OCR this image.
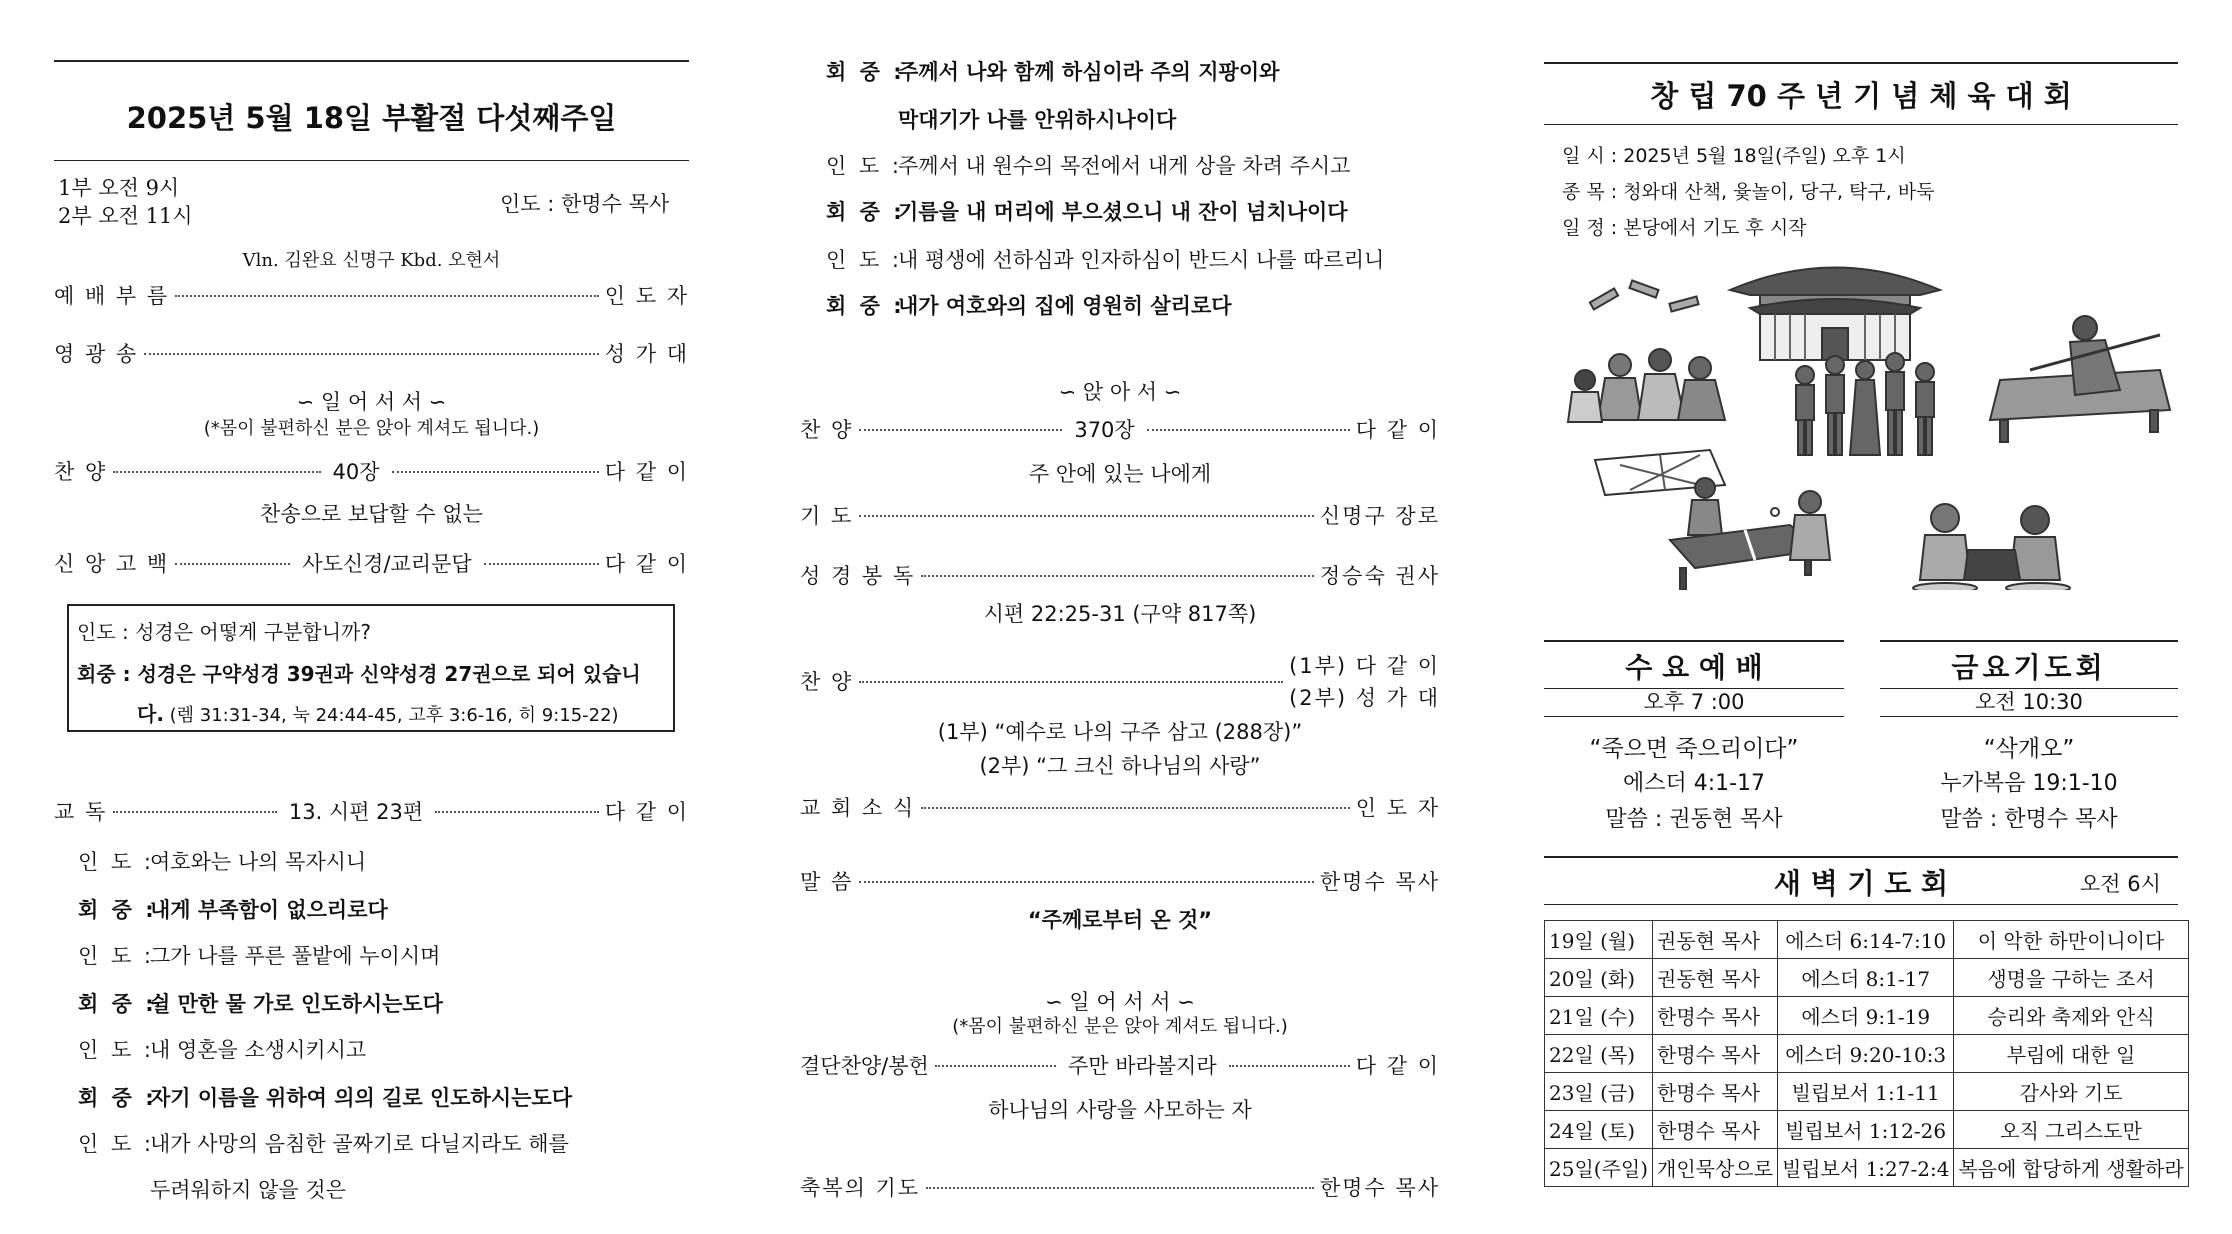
2025년 5월 18일 부활절 다섯째주일
1부 오전 9시
2부 오전 11시	인도 : 한명수 목사
Vln. 김완요 신명구 Kbd. 오현서
예 배 부 름	인 도 자
영 광 송	성 가 대
∽ 일 어 서 서 ∽
(*몸이 불편하신 분은 앉아 계셔도 됩니다.)
찬 양	40장	다 같 이
찬송으로 보답할 수 없는
신 앙 고 백	사도신경/교리문답	다 같 이
인도 : 성경은 어떻게 구분합니까?
회중 : 성경은 구약성경 39권과 신약성경 27권으로 되어 있습니
다. (렘 31:31-34, 눅 24:44-45, 고후 3:6-16, 히 9:15-22)
교 독	13. 시편 23편	다 같 이
인 도 :여호와는 나의 목자시니
회 중 :내게 부족함이 없으리로다
인 도 :그가 나를 푸른 풀밭에 누이시며
회 중 :쉴 만한 물 가로 인도하시는도다
인 도 :내 영혼을 소생시키시고
회 중 :자기 이름을 위하여 의의 길로 인도하시는도다
인 도 :내가 사망의 음침한 골짜기로 다닐지라도 해를
두려워하지 않을 것은
회 중 :주께서 나와 함께 하심이라 주의 지팡이와
막대기가 나를 안위하시나이다
인 도 :주께서 내 원수의 목전에서 내게 상을 차려 주시고
회 중 :기름을 내 머리에 부으셨으니 내 잔이 넘치나이다
인 도 :내 평생에 선하심과 인자하심이 반드시 나를 따르리니
회 중 :내가 여호와의 집에 영원히 살리로다
∽ 앉 아 서 ∽
찬 양	370장	다 같 이
주 안에 있는 나에게
기 도	신명구 장로
성 경 봉 독	정승숙 권사
시편 22:25-31 (구약 817쪽)
찬 양
(1부) 다 같 이
(2부) 성 가 대
(1부) “예수로 나의 구주 삼고 (288장)”
(2부) “그 크신 하나님의 사랑”
교 회 소 식	인 도 자
말 씀	한명수 목사
“주께로부터 온 것”
∽ 일 어 서 서 ∽
(*몸이 불편하신 분은 앉아 계셔도 됩니다.)
결단찬양/봉헌	주만 바라볼지라	다 같 이
하나님의 사랑을 사모하는 자
축복의 기도	한명수 목사
창 립 70 주 년 기 념 체 육 대 회
일 시 : 2025년 5월 18일(주일) 오후 1시
종 목 : 청와대 산책, 윷놀이, 당구, 탁구, 바둑
일 정 : 본당에서 기도 후 시작
수 요 예 배
오후 7 :00
“죽으면 죽으리이다”
에스더 4:1-17
말씀 : 권동현 목사
금요기도회
오전 10:30
“삭개오”
누가복음 19:1-10
말씀 : 한명수 목사
새 벽 기 도 회	오전 6시
19일 (월)	권동현 목사	에스더 6:14-7:10	이 악한 하만이니이다
20일 (화)	권동현 목사	에스더 8:1-17	생명을 구하는 조서
21일 (수)	한명수 목사	에스더 9:1-19	승리와 축제와 안식
22일 (목)	한명수 목사	에스더 9:20-10:3	부림에 대한 일
23일 (금)	한명수 목사	빌립보서 1:1-11	감사와 기도
24일 (토)	한명수 목사	빌립보서 1:12-26	오직 그리스도만
25일(주일)	개인묵상으로	빌립보서 1:27-2:4	복음에 합당하게 생활하라
